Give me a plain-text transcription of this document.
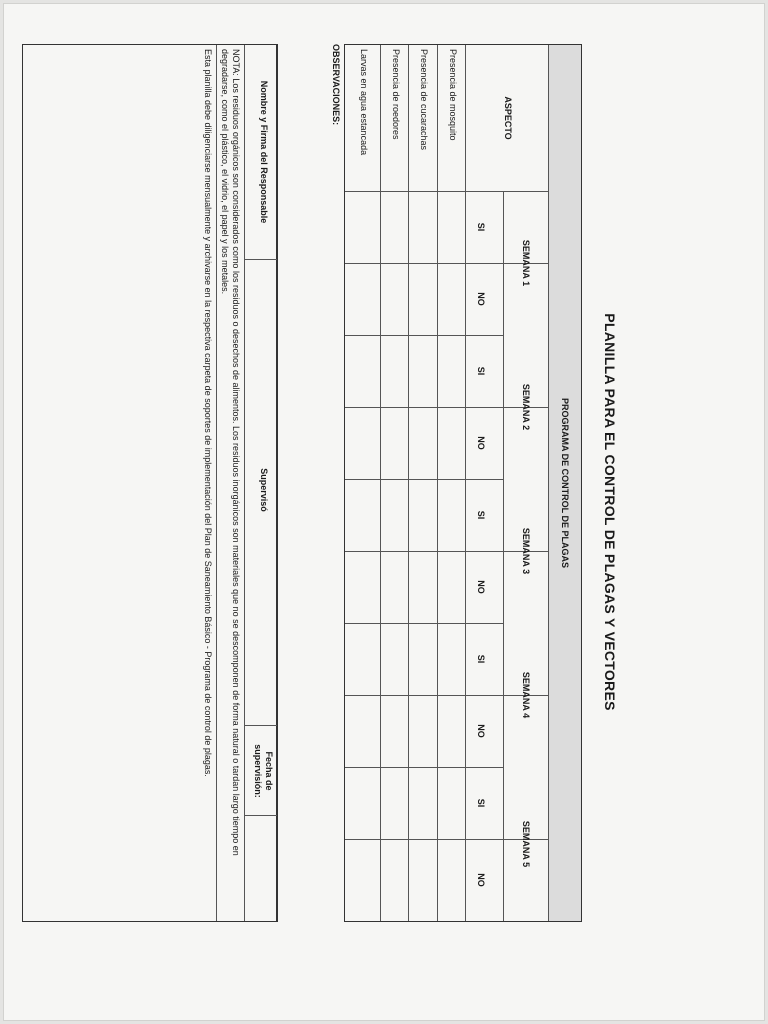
PLANILLA PARA EL CONTROL DE PLAGAS Y VECTORES
PROGRAMA DE CONTROL DE PLAGAS
ASPECTO
SEMANA 1
SI
NO
SEMANA 2
SI
NO
SEMANA 3
SI
NO
SEMANA 4
SI
NO
SEMANA 5
SI
NO
Presencia de mosquito
Presencia de cucarachas
Presencia de roedores
Larvas en agua estancada
OBSERVACIONES:
Nombre y Firma del Responsable
Supervisó
Fecha de
supervisión:
NOTA: Los residuos orgánicos son considerados como los residuos o desechos de alimentos. Los residuos inorgánicos son materiales que no se descomponen de forma natural o tardan largo tiempo en
degradarse, como el plástico, el vidrio, el papel y los metales.
Esta planilla debe diligenciarse mensualmente y archivarse en la respectiva carpeta de soportes de implementación del Plan de Saneamiento Básico - Programa de control de plagas.
